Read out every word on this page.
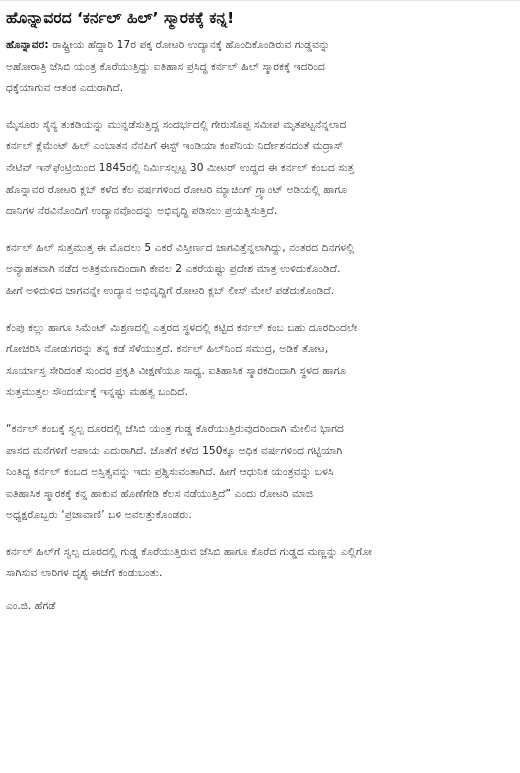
ಹೊನ್ನಾವರದ ‘ಕರ್ನಲ್ ಹಿಲ್’ ಸ್ಮಾರಕಕ್ಕೆ ಕನ್ನ!

ಹೊನ್ನಾವರ: ರಾಷ್ಟ್ರೀಯ ಹೆದ್ದಾರಿ 17ರ ಪಕ್ಕ ರೋಟರಿ ಉದ್ಯಾನಕ್ಕೆ ಹೊಂದಿಕೊಂಡಿರುವ ಗುಡ್ಡವನ್ನು
ಅಹೋರಾತ್ರಿ ಜೆಸಿಬಿ ಯಂತ್ರ ಕೊರೆಯುತ್ತಿದ್ದು ಐತಿಹಾಸ ಪ್ರಸಿದ್ಧ ಕರ್ನಲ್ ಹಿಲ್ ಸ್ಮಾರಕಕ್ಕೆ ಇದರಿಂದ
ಧಕ್ಕೆಯಾಗುವ ಆತಂಕ ಎದುರಾಗಿದೆ.

ಮೈಸೂರು ಸೈನ್ಯ ತುಕಡಿಯನ್ನು ಮುನ್ನಡೆಸುತ್ತಿದ್ದ ಸಂದರ್ಭದಲ್ಲಿ ಗೇರುಸೊಪ್ಪ ಸಮೀಪ ಮೃತಪಟ್ಟನೆನ್ನಲಾದ
ಕರ್ನಲ್ ಕ್ಲೆಮೆಂಟ್ ಹಿಲ್ ಎಂಬಾತನ ನೆನಪಿಗೆ ಈಸ್ಟ್ ಇಂಡಿಯಾ ಕಂಪೆನಿಯ ನಿರ್ದೇಶನದಂತೆ ಮದ್ರಾಸ್
ನೇಟಿವ್ ಇನ್‌ಫೆಂಟ್ರಿಯಿಂದ 1845ರಲ್ಲಿ ನಿರ್ಮಿಸಲ್ಪಟ್ಟ 30 ಮೀಟರ್ ಉದ್ದದ ಈ ಕರ್ನಲ್ ಕಂಬದ ಸುತ್ತ
ಹೊನ್ನಾವರ ರೋಟರಿ ಕ್ಲಬ್ ಕಳೆದ ಕೆಲ ವರ್ಷಗಳಿಂದ ರೋಟರಿ ಮ್ಯಾಚಿಂಗ್ ಗ್ರ್ಯಾಂಟ್ ಅಡಿಯಲ್ಲಿ ಹಾಗೂ
ದಾನಿಗಳ ನೆರವಿನೊಂದಿಗೆ ಉದ್ಯಾನವೊಂದನ್ನು ಅಭಿವೃದ್ಧಿ ಪಡಿಸಲು ಪ್ರಯತ್ನಿಸುತ್ತಿದೆ.

ಕರ್ನಲ್ ಹಿಲ್ ಸುತ್ತಮುತ್ತ ಈ ಮೊದಲು 5 ಎಕರೆ ವಿಸ್ತೀರ್ಣದ ಜಾಗವಿತ್ತೆನ್ನಲಾಗಿದ್ದು, ನಂತರದ ದಿನಗಳಲ್ಲಿ
ಅವ್ಯಾಹತವಾಗಿ ನಡೆದ ಅತಿಕ್ರಮಣದಿಂದಾಗಿ ಕೇವಲ 2 ಎಕರೆಯಷ್ಟು ಪ್ರದೇಶ ಮಾತ್ರ ಉಳಿದುಕೊಂಡಿದೆ.
ಹೀಗೆ ಅಳಿದುಳಿದ ಜಾಗವನ್ನೇ ಉದ್ಯಾನ ಅಭಿವೃದ್ಧಿಗೆ ರೋಟರಿ ಕ್ಲಬ್ ಲೀಸ್ ಮೇಲೆ ಪಡೆದುಕೊಂಡಿದೆ.

ಕೆಂಪು ಕಲ್ಲು ಹಾಗೂ ಸಿಮೆಂಟ್ ಮಿಶ್ರಣದಲ್ಲಿ ಎತ್ತರದ ಸ್ಥಳದಲ್ಲಿ ಕಟ್ಟಿದ ಕರ್ನಲ್ ಕಂಬ ಬಹು ದೂರದಿಂದಲೇ
ಗೋಚರಿಸಿ ನೋಡುಗರನ್ನು ತನ್ನ ಕಡೆ ಸೆಳೆಯುತ್ತದೆ. ಕರ್ನಲ್ ಹಿಲ್‌ನಿಂದ ಸಮುದ್ರ, ಅಡಿಕೆ ತೋಟ,
ಸೂರ್ಯಾಸ್ತ ಸೇರಿದಂತೆ ಸುಂದರ ಪ್ರಕೃತಿ ವೀಕ್ಷಣೆಯೂ ಸಾಧ್ಯ. ಐತಿಹಾಸಿಕ ಸ್ಮಾರಕದಿಂದಾಗಿ ಸ್ಥಳದ ಹಾಗೂ
ಸುತ್ತಮುತ್ತಲ ಸೌಂದರ್ಯಕ್ಕೆ ಇನ್ನಷ್ಟು ಮಹತ್ವ ಬಂದಿದೆ.

“ಕರ್ನಲ್ ಕಂಬಕ್ಕೆ ಸ್ವಲ್ಪ ದೂರದಲ್ಲಿ ಜೆಸಿಬಿ ಯಂತ್ರ ಗುಡ್ಡ ಕೊರೆಯುತ್ತಿರುವುದರಿಂದಾಗಿ ಮೇಲಿನ ಭಾಗದ
ಪಾಸದ ಮನೆಗಳಿಗೆ ಅಪಾಯ ಎದುರಾಗಿದೆ. ಜೊತೆಗೆ ಕಳೆದ 150ಕ್ಕೂ ಅಧಿಕ ವರ್ಷಗಳಿಂದ ಗಟ್ಟಿಯಾಗಿ
ನಿಂತಿದ್ದ ಕರ್ನಲ್ ಕಂಬದ ಅಸ್ತಿತ್ವವನ್ನು ಇದು ಪ್ರಶ್ನಿಸುವಂತಾಗಿದೆ. ಹೀಗೆ ಆಧುನಿಕ ಯಂತ್ರವನ್ನು ಬಳಸಿ
ಐತಿಹಾಸಿಕ ಸ್ಮಾರಕಕ್ಕೆ ಕನ್ನ ಹಾಕುವ ಹೊಣೆಗೇಡಿ ಕೆಲಸ ನಡೆಯುತ್ತಿದೆ” ಎಂದು ರೋಟರಿ ಮಾಜಿ
ಅಧ್ಯಕ್ಷರೊಬ್ಬರು ‘ಪ್ರಜಾವಾಣಿ’ ಬಳಿ ಅವಲತ್ತುಕೊಂಡರು.

ಕರ್ನಲ್ ಹಿಲ್‌ಗೆ ಸ್ವಲ್ಪ ದೂರದಲ್ಲಿ ಗುಡ್ಡ ಕೊರೆಯುತ್ತಿರುವ ಜೆಸಿಬಿ ಹಾಗೂ ಕೊರೆದ ಗುಡ್ಡದ ಮಣ್ಣನ್ನು ಎಲ್ಲಿಗೋ
ಸಾಗಿಸುವ ಲಾರಿಗಳ ದೃಶ್ಯ ಈಚೆಗೆ ಕಂಡುಬಂತು.

ಎಂ.ಜಿ. ಹೆಗಡೆ
